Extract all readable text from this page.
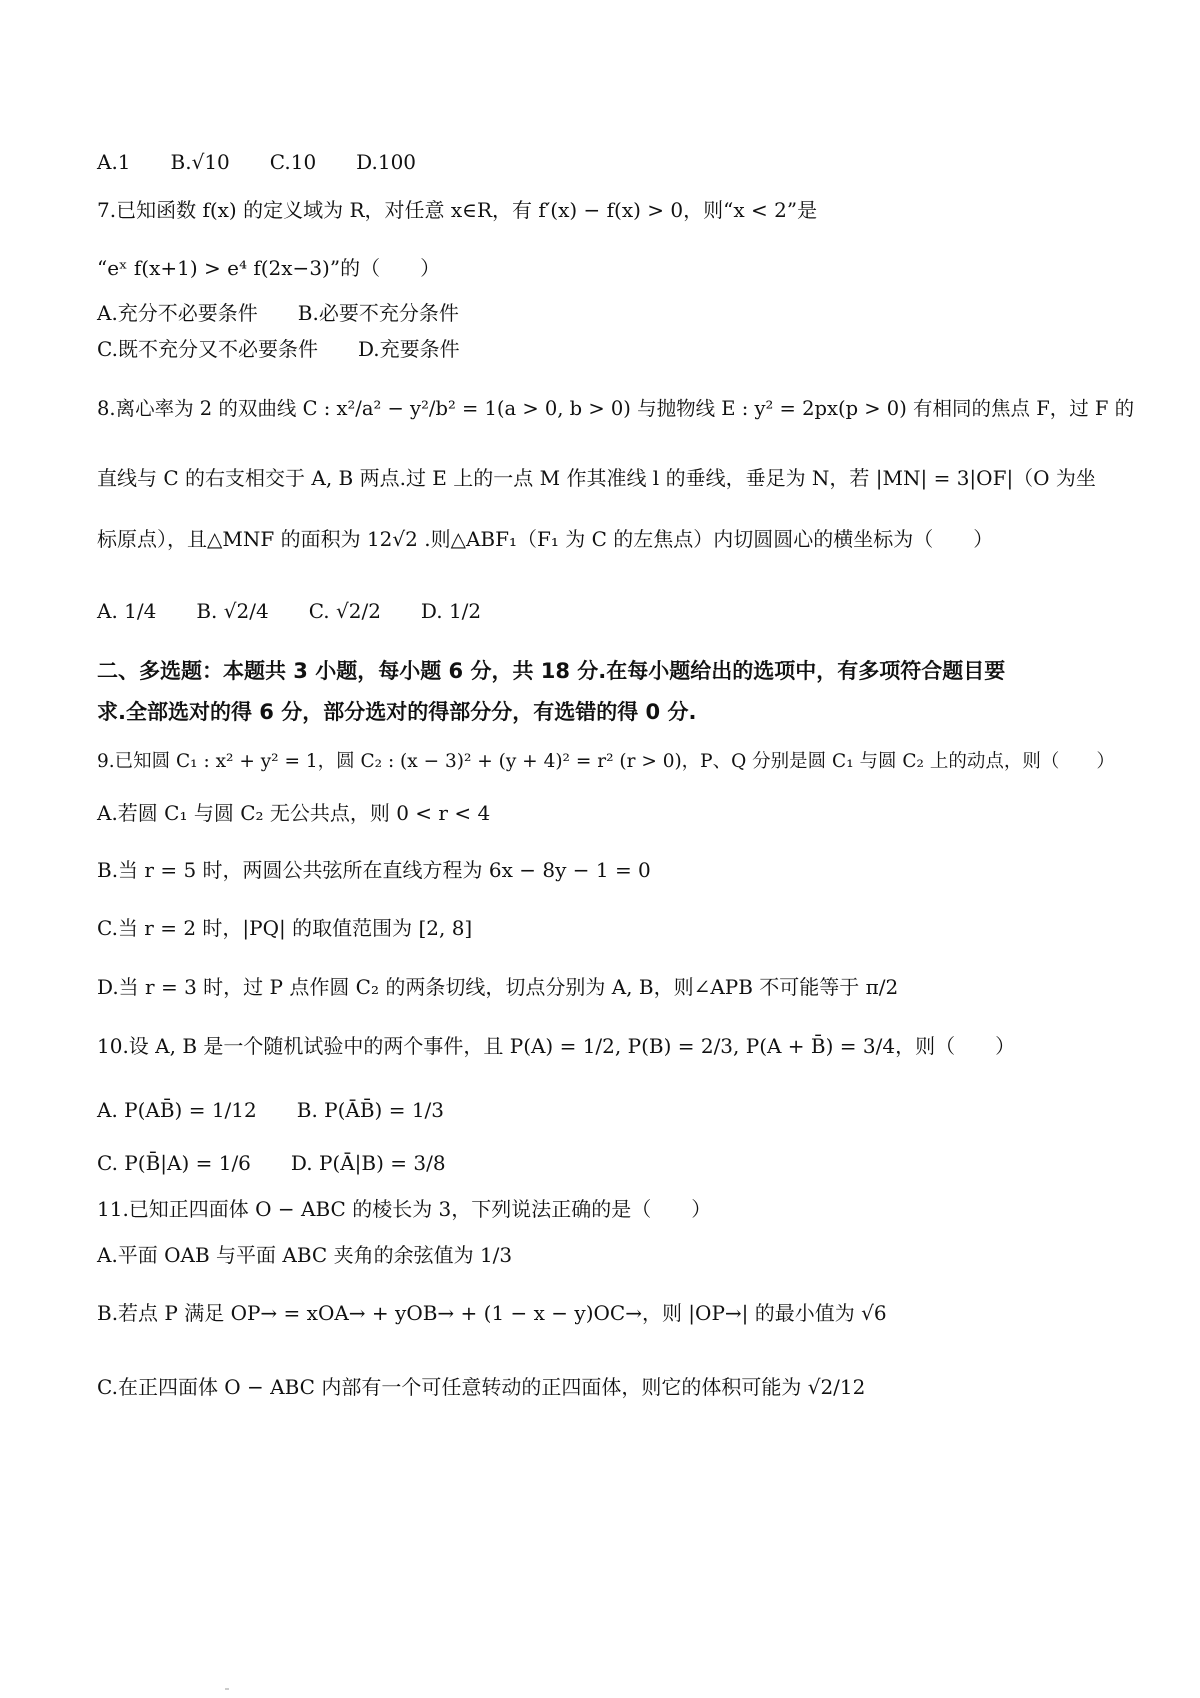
A.1　　B.√10　　C.10　　D.100
7.已知函数 f(x) 的定义域为 R，对任意 x∈R，有 f′(x) − f(x) > 0，则“x < 2”是
“eˣ f(x+1) > e⁴ f(2x−3)”的（　　）
A.充分不必要条件　　B.必要不充分条件
C.既不充分又不必要条件　　D.充要条件
8.离心率为 2 的双曲线 C : x²/a² − y²/b² = 1(a > 0, b > 0) 与抛物线 E : y² = 2px(p > 0) 有相同的焦点 F，过 F 的
直线与 C 的右支相交于 A, B 两点.过 E 上的一点 M 作其准线 l 的垂线，垂足为 N，若 |MN| = 3|OF|（O 为坐
标原点），且△MNF 的面积为 12√2 .则△ABF₁（F₁ 为 C 的左焦点）内切圆圆心的横坐标为（　　）
A. 1/4　　B. √2/4　　C. √2/2　　D. 1/2
二、多选题：本题共 3 小题，每小题 6 分，共 18 分.在每小题给出的选项中，有多项符合题目要
求.全部选对的得 6 分，部分选对的得部分分，有选错的得 0 分.
9.已知圆 C₁ : x² + y² = 1，圆 C₂ : (x − 3)² + (y + 4)² = r² (r > 0)，P、Q 分别是圆 C₁ 与圆 C₂ 上的动点，则（　　）
A.若圆 C₁ 与圆 C₂ 无公共点，则 0 < r < 4
B.当 r = 5 时，两圆公共弦所在直线方程为 6x − 8y − 1 = 0
C.当 r = 2 时，|PQ| 的取值范围为 [2, 8]
D.当 r = 3 时，过 P 点作圆 C₂ 的两条切线，切点分别为 A, B，则∠APB 不可能等于 π/2
10.设 A, B 是一个随机试验中的两个事件，且 P(A) = 1/2, P(B) = 2/3, P(A + B̄) = 3/4，则（　　）
A. P(AB̄) = 1/12　　B. P(ĀB̄) = 1/3
C. P(B̄|A) = 1/6　　D. P(Ā|B) = 3/8
11.已知正四面体 O − ABC 的棱长为 3，下列说法正确的是（　　）
A.平面 OAB 与平面 ABC 夹角的余弦值为 1/3
B.若点 P 满足 OP→ = xOA→ + yOB→ + (1 − x − y)OC→，则 |OP→| 的最小值为 √6
C.在正四面体 O − ABC 内部有一个可任意转动的正四面体，则它的体积可能为 √2/12
